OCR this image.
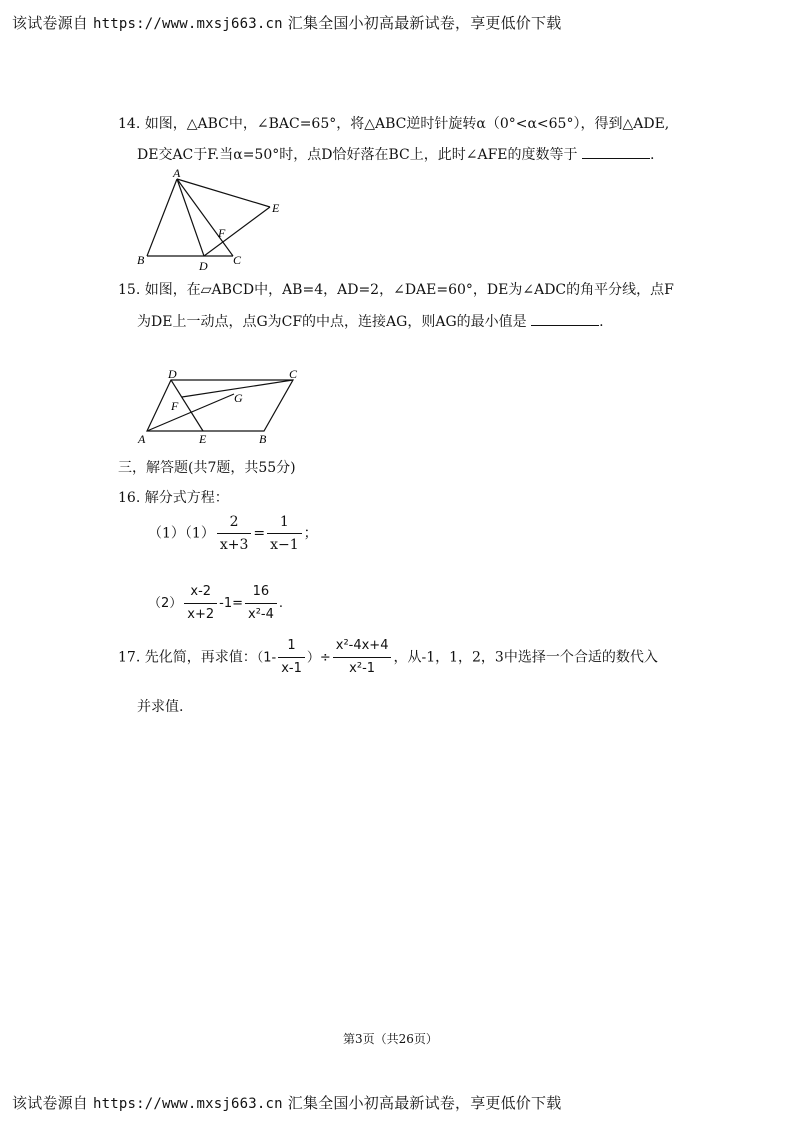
该试卷源自 https://www.mxsj663.cn 汇集全国小初高最新试卷，享更低价下载
14. 如图，△ABC中，∠BAC=65°，将△ABC逆时针旋转α（0°<α<65°），得到△ADE,
DE交AC于F.当α=50°时，点D恰好落在BC上，此时∠AFE的度数等于	.
A
E
F
B	D C
15. 如图，在▱ABCD中，AB=4，AD=2，∠DAE=60°，DE为∠ADC的角平分线，点F
为DE上一动点，点G为CF的中点，连接AG，则AG的最小值是	.
D	C
F
G
A	E	B
三，解答题(共7题，共55分)
16. 解分式方程：
$(1)(1) \frac{2}{x+3} = \frac{1}{x-1}$ ；
$(2) \frac{x-2}{x+2} -1= \frac{16}{\text{x²-4}}$ .
17. 先化简，再求值：（$1- \frac{1}{x-1}$ ）÷ $\frac{\text{x²-4x+4}}{\text{x²-1}}$ ，从-1，1，2，3中选择一个合适的数代入
并求值.
第3页（共26页）
该试卷源自 https://www.mxsj663.cn 汇集全国小初高最新试卷，享更低价下载
